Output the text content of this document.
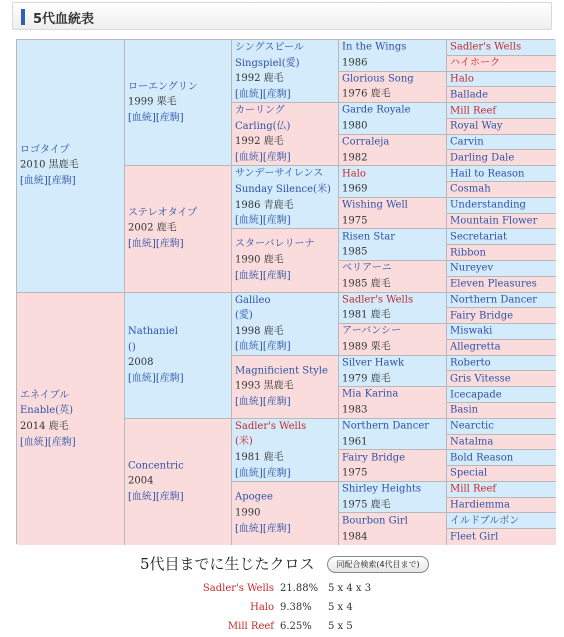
5代血統表
ロゴタイプ
2010 黒鹿毛
[血統][産駒]
エネイブル
Enable(英)
2014 鹿毛
[血統][産駒]
ローエングリン
1999 栗毛
[血統][産駒]
ステレオタイプ
2002 鹿毛
[血統][産駒]
Nathaniel
()
2008
[血統][産駒]
Concentric
2004
[血統][産駒]
シングスピール
Singspiel(愛)
1992 鹿毛
[血統][産駒]
カーリング
Carling(仏)
1992 鹿毛
[血統][産駒]
サンデーサイレンス
Sunday Silence(米)
1986 青鹿毛
[血統][産駒]
スターバレリーナ
1990 鹿毛
[血統][産駒]
Galileo
(愛)
1998 鹿毛
[血統][産駒]
Magnificient Style
1993 黒鹿毛
[血統][産駒]
Sadler's Wells
(米)
1981 鹿毛
[血統][産駒]
Apogee
1990
[血統][産駒]
In the Wings
1986
Glorious Song
1976 鹿毛
Garde Royale
1980
Corraleja
1982
Halo
1969
Wishing Well
1975
Risen Star
1985
ベリアーニ
1985 鹿毛
Sadler's Wells
1981 鹿毛
アーバンシー
1989 栗毛
Silver Hawk
1979 鹿毛
Mia Karina
1983
Northern Dancer
1961
Fairy Bridge
1975
Shirley Heights
1975 鹿毛
Bourbon Girl
1984
Sadler's Wells
ハイホーク
Halo
Ballade
Mill Reef
Royal Way
Carvin
Darling Dale
Hail to Reason
Cosmah
Understanding
Mountain Flower
Secretariat
Ribbon
Nureyev
Eleven Pleasures
Northern Dancer
Fairy Bridge
Miswaki
Allegretta
Roberto
Gris Vitesse
Icecapade
Basin
Nearctic
Natalma
Bold Reason
Special
Mill Reef
Hardiemma
イルドブルボン
Fleet Girl
5代目までに生じたクロス	同配合検索(4代目まで)
Sadler's Wells 21.88% 5 x 4 x 3
Halo 9.38% 5 x 4
Mill Reef 6.25% 5 x 5
